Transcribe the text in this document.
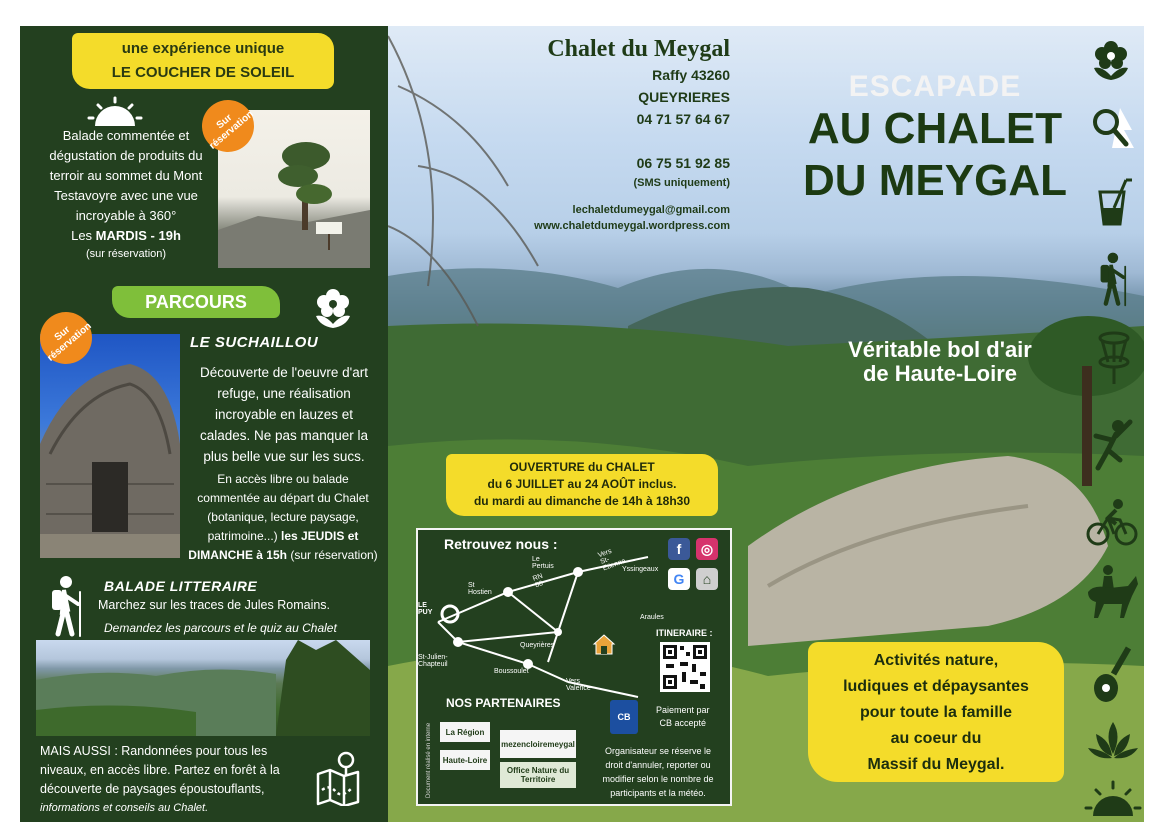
une expérience unique
LE COUCHER DE SOLEIL
Balade commentée et
dégustation de produits du
terroir au sommet du Mont
Testavoyre avec une vue
incroyable à 360°
Les MARDIS - 19h
(sur réservation)
Sur réservation
PARCOURS
Sur réservation	LE SUCHAILLOU
Découverte de l'oeuvre d'art
refuge, une réalisation
incroyable en lauzes et
calades. Ne pas manquer la
plus belle vue sur les sucs.
En accès libre ou balade
commentée au départ du Chalet
(botanique, lecture paysage,
patrimoine...) les JEUDIS et
DIMANCHE à 15h (sur réservation)
BALADE LITTERAIRE
Marchez sur les traces de Jules Romains.
Demandez les parcours et le quiz au Chalet
MAIS AUSSI : Randonnées pour tous les
niveaux, en accès libre. Partez en forêt à la
découverte de paysages époustouflants,
informations et conseils au Chalet.
Chalet du Meygal
Raffy 43260
QUEYRIERES
04 71 57 64 67
06 75 51 92 85
(SMS uniquement)
lechaletdumeygal@gmail.com
www.chaletdumeygal.wordpress.com
ESCAPADE
AU CHALET
DU MEYGAL
Véritable bol d'air
de Haute-Loire
OUVERTURE du CHALET
du 6 JUILLET au 24 AOÛT inclus.
du mardi au dimanche de 14h à 18h30
Retrouvez nous :	f	◎
G	⌂
Le Pertuis
Vers St-Etienne
Yssingeaux
St Hostien
RN 88
LE PUY
St-Julien-Chapteuil
Queyrières
Boussoulet
Vers Valence
Araules
ITINERAIRE :
Document réalisé en interne
NOS PARTENAIRES
La Région
Haute-Loire
mezencloiremeygal
Office Nature du Territoire
CB
Paiement par
CB accepté
Organisateur se réserve le
droit d'annuler, reporter ou
modifier selon le nombre de
participants et la météo.
Activités nature,
ludiques et dépaysantes
pour toute la famille
au coeur du
Massif du Meygal.
